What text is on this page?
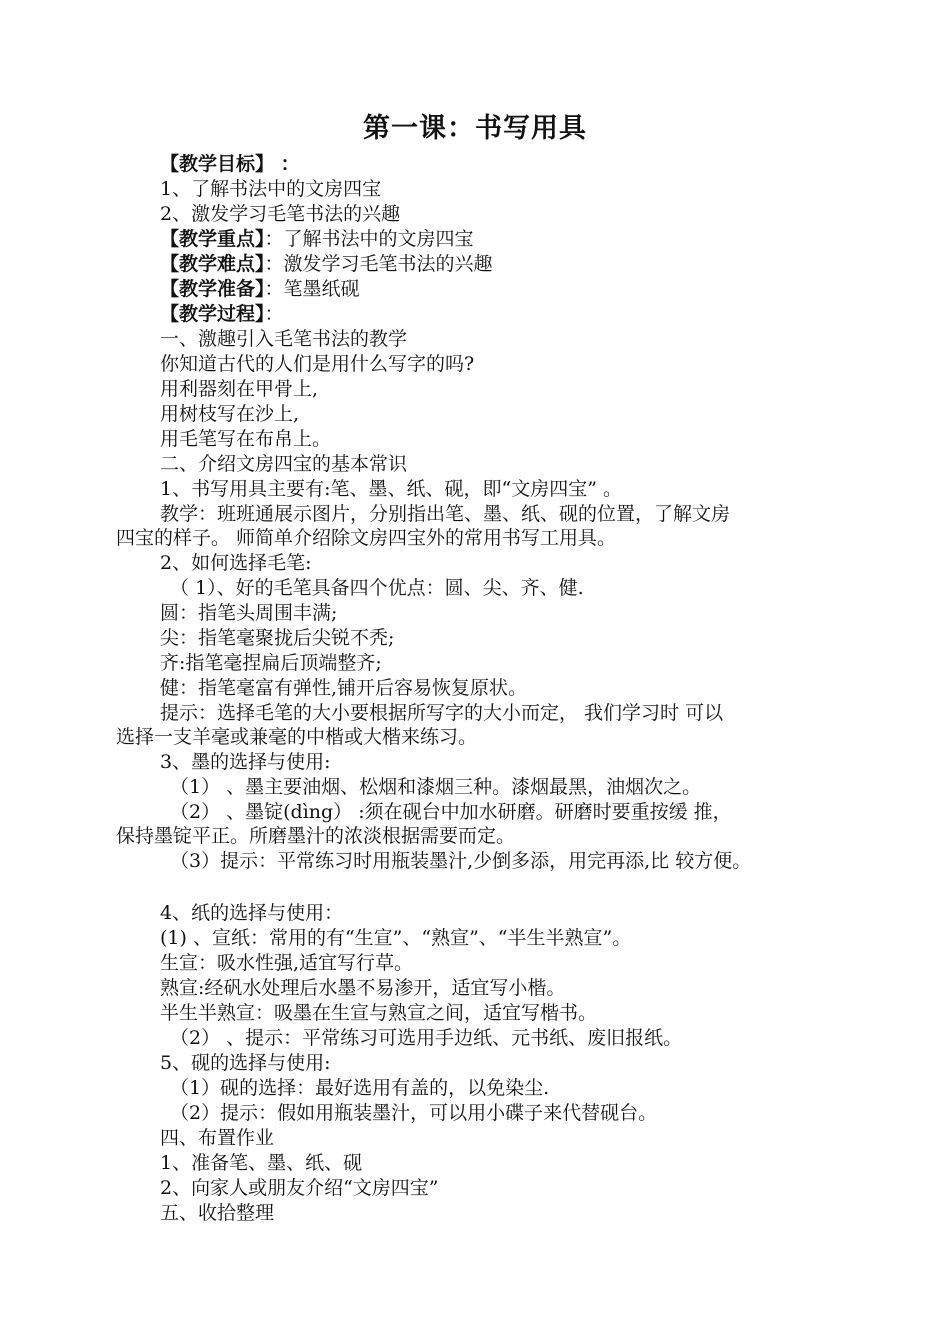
第一课：书写用具
【教学目标】 ：
1、了解书法中的文房四宝
2、激发学习毛笔书法的兴趣
【教学重点】：了解书法中的文房四宝
【教学难点】：激发学习毛笔书法的兴趣
【教学准备】：笔墨纸砚
【教学过程】：
一、激趣引入毛笔书法的教学
你知道古代的人们是用什么写字的吗?
用利器刻在甲骨上,
用树枝写在沙上,
用毛笔写在布帛上。
二、介绍文房四宝的基本常识
1、书写用具主要有:笔、墨、纸、砚，即“文房四宝” 。
教学：班班通展示图片，分别指出笔、墨、纸、砚的位置，了解文房
四宝的样子。 师简单介绍除文房四宝外的常用书写工用具。
2、如何选择毛笔:
（ 1）、好的毛笔具备四个优点：圆、尖、齐、健.
圆：指笔头周围丰满;
尖：指笔毫聚拢后尖锐不秃;
齐:指笔毫捏扁后顶端整齐;
健：指笔毫富有弹性,铺开后容易恢复原状。
提示：选择毛笔的大小要根据所写字的大小而定， 我们学习时 可以
选择一支羊毫或兼毫的中楷或大楷来练习。
3、墨的选择与使用:
（1） 、墨主要油烟、松烟和漆烟三种。漆烟最黑，油烟次之。
（2） 、墨锭(dìng） :须在砚台中加水研磨。研磨时要重按缓 推，
保持墨锭平正。所磨墨汁的浓淡根据需要而定。
（3）提示：平常练习时用瓶装墨汁,少倒多添，用完再添,比 较方便。
4、纸的选择与使用：
(1) 、宣纸：常用的有“生宣”、“熟宣”、“半生半熟宣”。
生宣：吸水性强,适宜写行草。
熟宣:经矾水处理后水墨不易渗开，适宜写小楷。
半生半熟宣：吸墨在生宣与熟宣之间，适宜写楷书。
（2） 、提示：平常练习可选用手边纸、元书纸、废旧报纸。
5、砚的选择与使用:
（1）砚的选择：最好选用有盖的，以免染尘.
（2）提示：假如用瓶装墨汁，可以用小碟子来代替砚台。
四、布置作业
1、准备笔、墨、纸、砚
2、向家人或朋友介绍“文房四宝”
五、收拾整理
